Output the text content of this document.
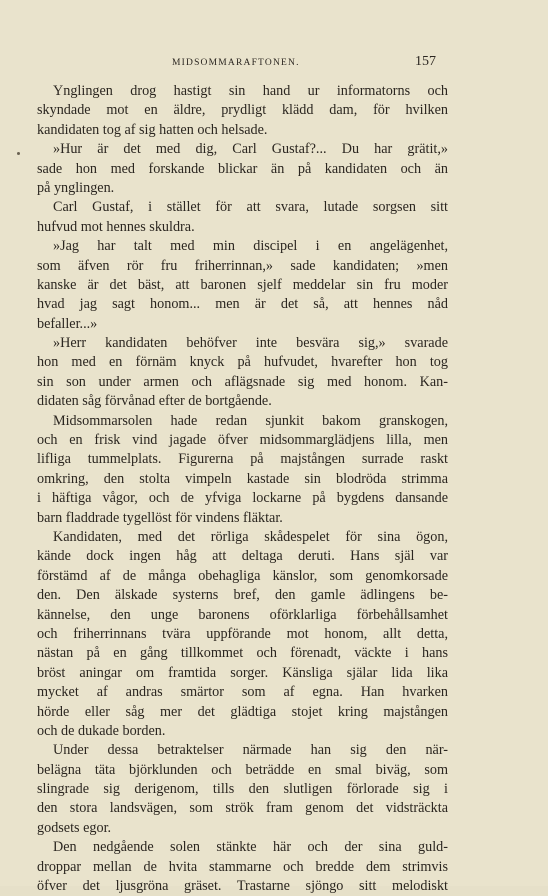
MIDSOMMARAFTONEN.	157
Ynglingen drog hastigt sin hand ur informatorns och
skyndade mot en äldre, prydligt klädd dam, för hvilken
kandidaten tog af sig hatten och helsade.
»Hur är det med dig, Carl Gustaf?... Du har grätit,»
sade hon med forskande blickar än på kandidaten och än
på ynglingen.
Carl Gustaf, i stället för att svara, lutade sorgsen sitt
hufvud mot hennes skuldra.
»Jag har talt med min discipel i en angelägenhet,
som äfven rör fru friherrinnan,» sade kandidaten; »men
kanske är det bäst, att baronen sjelf meddelar sin fru moder
hvad jag sagt honom... men är det så, att hennes nåd
befaller...»
»Herr kandidaten behöfver inte besvära sig,» svarade
hon med en förnäm knyck på hufvudet, hvarefter hon tog
sin son under armen och aflägsnade sig med honom. Kan-
didaten såg förvånad efter de bortgående.
Midsommarsolen hade redan sjunkit bakom granskogen,
och en frisk vind jagade öfver midsommarglädjens lilla, men
lifliga tummelplats. Figurerna på majstången surrade raskt
omkring, den stolta vimpeln kastade sin blodröda strimma
i häftiga vågor, och de yfviga lockarne på bygdens dansande
barn fladdrade tygellöst för vindens fläktar.
Kandidaten, med det rörliga skådespelet för sina ögon,
kände dock ingen håg att deltaga deruti. Hans själ var
förstämd af de många obehagliga känslor, som genomkorsade
den. Den älskade systerns bref, den gamle ädlingens be-
kännelse, den unge baronens oförklarliga förbehållsamhet
och friherrinnans tvära uppförande mot honom, allt detta,
nästan på en gång tillkommet och förenadt, väckte i hans
bröst aningar om framtida sorger. Känsliga själar lida lika
mycket af andras smärtor som af egna. Han hvarken
hörde eller såg mer det glädtiga stojet kring majstången
och de dukade borden.
Under dessa betraktelser närmade han sig den när-
belägna täta björklunden och beträdde en smal biväg, som
slingrade sig derigenom, tills den slutligen förlorade sig i
den stora landsvägen, som strök fram genom det vidsträckta
godsets egor.
Den nedgående solen stänkte här och der sina guld-
droppar mellan de hvita stammarne och bredde dem strimvis
öfver det ljusgröna gräset. Trastarne sjöngo sitt melodiskt
